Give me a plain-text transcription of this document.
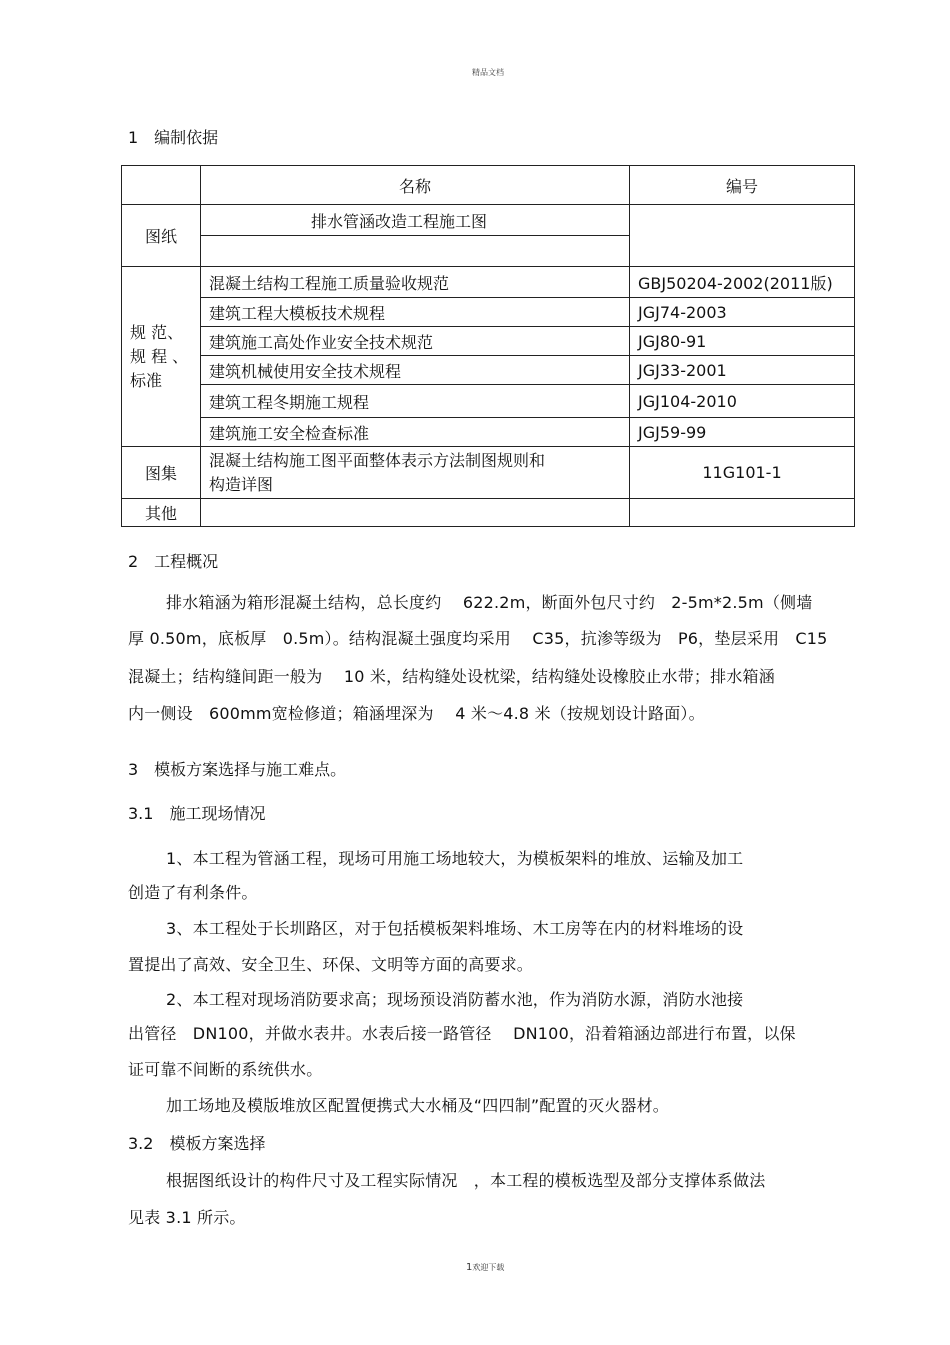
精品文档
1　编制依据
	名称	编号
图纸	排水管涵改造工程施工图	

规 范、
规 程 、
标准	混凝土结构工程施工质量验收规范	GBJ50204-2002(2011版)
	建筑工程大模板技术规程	JGJ74-2003
	建筑施工高处作业安全技术规范	JGJ80-91
	建筑机械使用安全技术规程	JGJ33-2001
	建筑工程冬期施工规程	JGJ104-2010
	建筑施工安全检查标准	JGJ59-99
图集	混凝土结构施工图平面整体表示方法制图规则和
构造详图	11G101-1
其他		
2　工程概况
排水箱涵为箱形混凝土结构，总长度约　 622.2m，断面外包尺寸约　2-5m*2.5m（侧墙
厚 0.50m，底板厚　0.5m）。结构混凝土强度均采用　 C35，抗渗等级为　P6，垫层采用　C15
混凝土；结构缝间距一般为　 10 米，结构缝处设枕梁，结构缝处设橡胶止水带；排水箱涵
内一侧设　600mm宽检修道；箱涵埋深为　 4 米～4.8 米（按规划设计路面）。
3　模板方案选择与施工难点。
3.1　施工现场情况
1、本工程为管涵工程，现场可用施工场地较大，为模板架料的堆放、运输及加工
创造了有利条件。
3、本工程处于长圳路区，对于包括模板架料堆场、木工房等在内的材料堆场的设
置提出了高效、安全卫生、环保、文明等方面的高要求。
2、本工程对现场消防要求高；现场预设消防蓄水池，作为消防水源，消防水池接
出管径　DN100，并做水表井。水表后接一路管径　 DN100，沿着箱涵边部进行布置，以保
证可靠不间断的系统供水。
加工场地及模版堆放区配置便携式大水桶及“四四制”配置的灭火器材。
3.2　模板方案选择
根据图纸设计的构件尺寸及工程实际情况　，本工程的模板选型及部分支撑体系做法
见表 3.1 所示。
1欢迎下载
